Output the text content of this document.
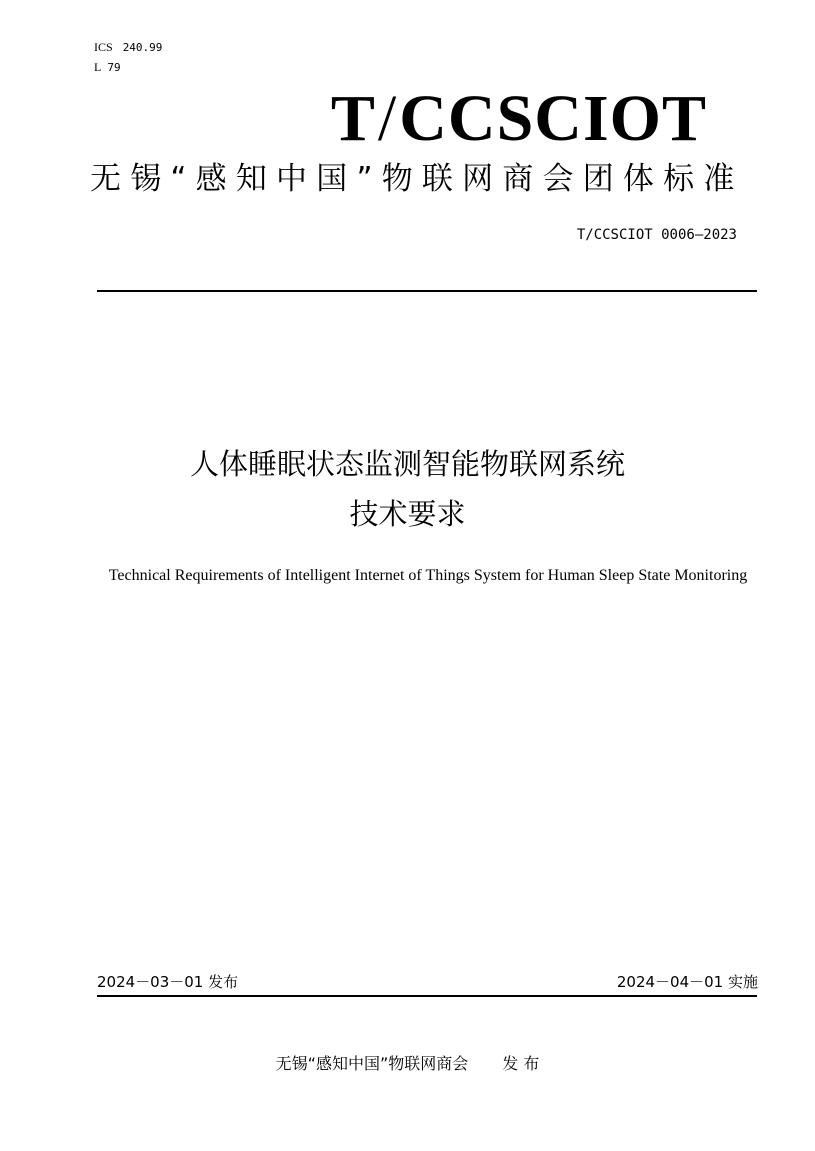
ICS 240.99
L 79
T/CCSCIOT
无锡“感知中国”物联网商会团体标准
T/CCSCIOT 0006—2023
人体睡眠状态监测智能物联网系统
技术要求
Technical Requirements of Intelligent Internet of Things System for Human Sleep State Monitoring
2024－03－01 发布	2024－04－01 实施
无锡“感知中国”物联网商会 发 布
